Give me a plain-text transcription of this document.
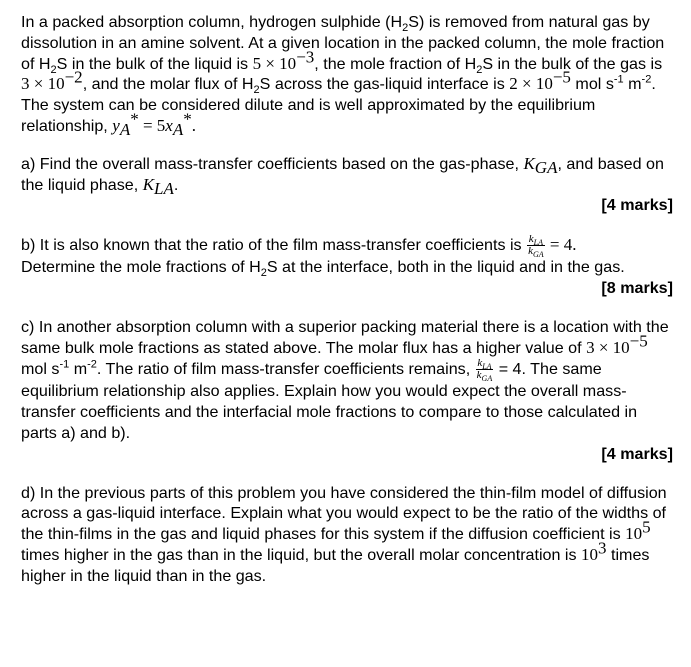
In a packed absorption column, hydrogen sulphide $(H_2S)$ is removed from natural gas by dissolution in an amine solvent. At a given location in the packed column, the mole fraction of $H_2S$ in the bulk of the liquid is $5 \times 10^{-3}$, the mole fraction of $H_2S$ in the bulk of the gas is $3 \times 10^{-2}$, and the molar flux of $H_2S$ across the gas-liquid interface is $2 \times 10^{-5}$ mol $s^{-1}$ $m^{-2}$. The system can be considered dilute and is well approximated by the equilibrium relationship, $y_A^* = 5x_A^*$.

a) Find the overall mass-transfer coefficients based on the gas-phase, $K_{GA}$, and based on the liquid phase, $K_{LA}$.

[4 marks]

b) It is also known that the ratio of the film mass-transfer coefficients is $\frac{k_{LA}}{k_{GA}} = 4$.
Determine the mole fractions of $H_2S$ at the interface, both in the liquid and in the gas.

[8 marks]

c) In another absorption column with a superior packing material there is a location with the same bulk mole fractions as stated above. The molar flux has a higher value of $3 \times 10^{-5}$ mol $s^{-1}$ $m^{-2}$. The ratio of film mass-transfer coefficients remains, $\frac{k_{LA}}{k_{GA}} = 4$. The same equilibrium relationship also applies. Explain how you would expect the overall mass-transfer coefficients and the interfacial mole fractions to compare to those calculated in parts a) and b).

[4 marks]

d) In the previous parts of this problem you have considered the thin-film model of diffusion across a gas-liquid interface. Explain what you would expect to be the ratio of the widths of the thin-films in the gas and liquid phases for this system if the diffusion coefficient is $10^5$ times higher in the gas than in the liquid, but the overall molar concentration is $10^3$ times higher in the liquid than in the gas.
